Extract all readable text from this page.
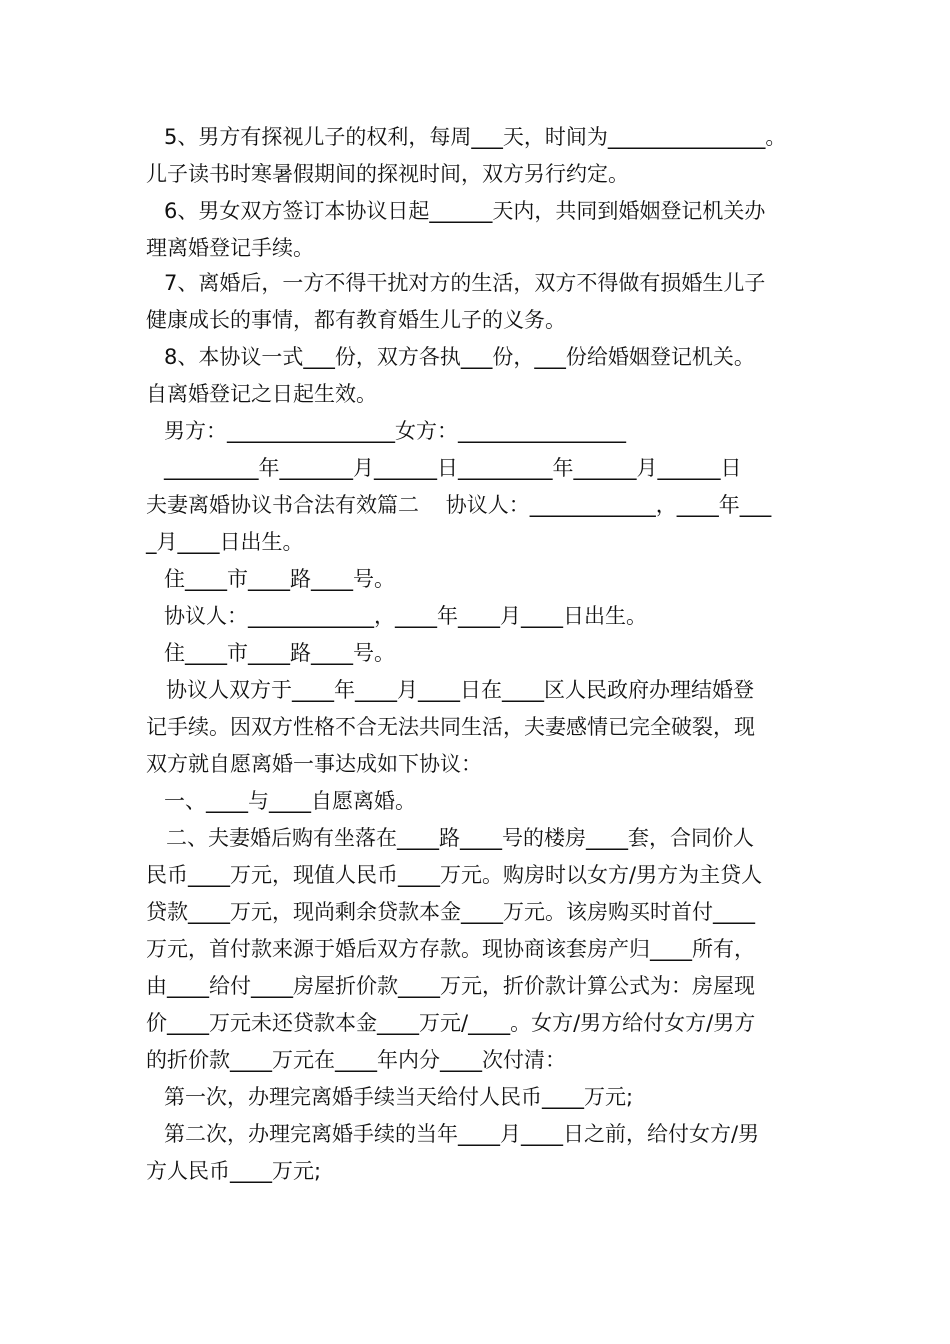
5、男方有探视儿子的权利，每周___天，时间为_______________。
儿子读书时寒暑假期间的探视时间，双方另行约定。
6、男女双方签订本协议日起______天内，共同到婚姻登记机关办
理离婚登记手续。
7、离婚后，一方不得干扰对方的生活，双方不得做有损婚生儿子
健康成长的事情，都有教育婚生儿子的义务。
8、本协议一式___份，双方各执___份，___份给婚姻登记机关。
自离婚登记之日起生效。
男方：________________女方：________________
_________年_______月______日_________年______月______日
夫妻离婚协议书合法有效篇二    协议人：____________，____年___
_月____日出生。
住____市____路____号。
协议人：____________，____年____月____日出生。
住____市____路____号。
协议人双方于____年____月____日在____区人民政府办理结婚登
记手续。因双方性格不合无法共同生活，夫妻感情已完全破裂，现
双方就自愿离婚一事达成如下协议：
一、____与____自愿离婚。
二、夫妻婚后购有坐落在____路____号的楼房____套，合同价人
民币____万元，现值人民币____万元。购房时以女方/男方为主贷人
贷款____万元，现尚剩余贷款本金____万元。该房购买时首付____
万元，首付款来源于婚后双方存款。现协商该套房产归____所有，
由____给付____房屋折价款____万元，折价款计算公式为：房屋现
价____万元未还贷款本金____万元/____。女方/男方给付女方/男方
的折价款____万元在____年内分____次付清：
第一次，办理完离婚手续当天给付人民币____万元;
第二次，办理完离婚手续的当年____月____日之前，给付女方/男
方人民币____万元;
